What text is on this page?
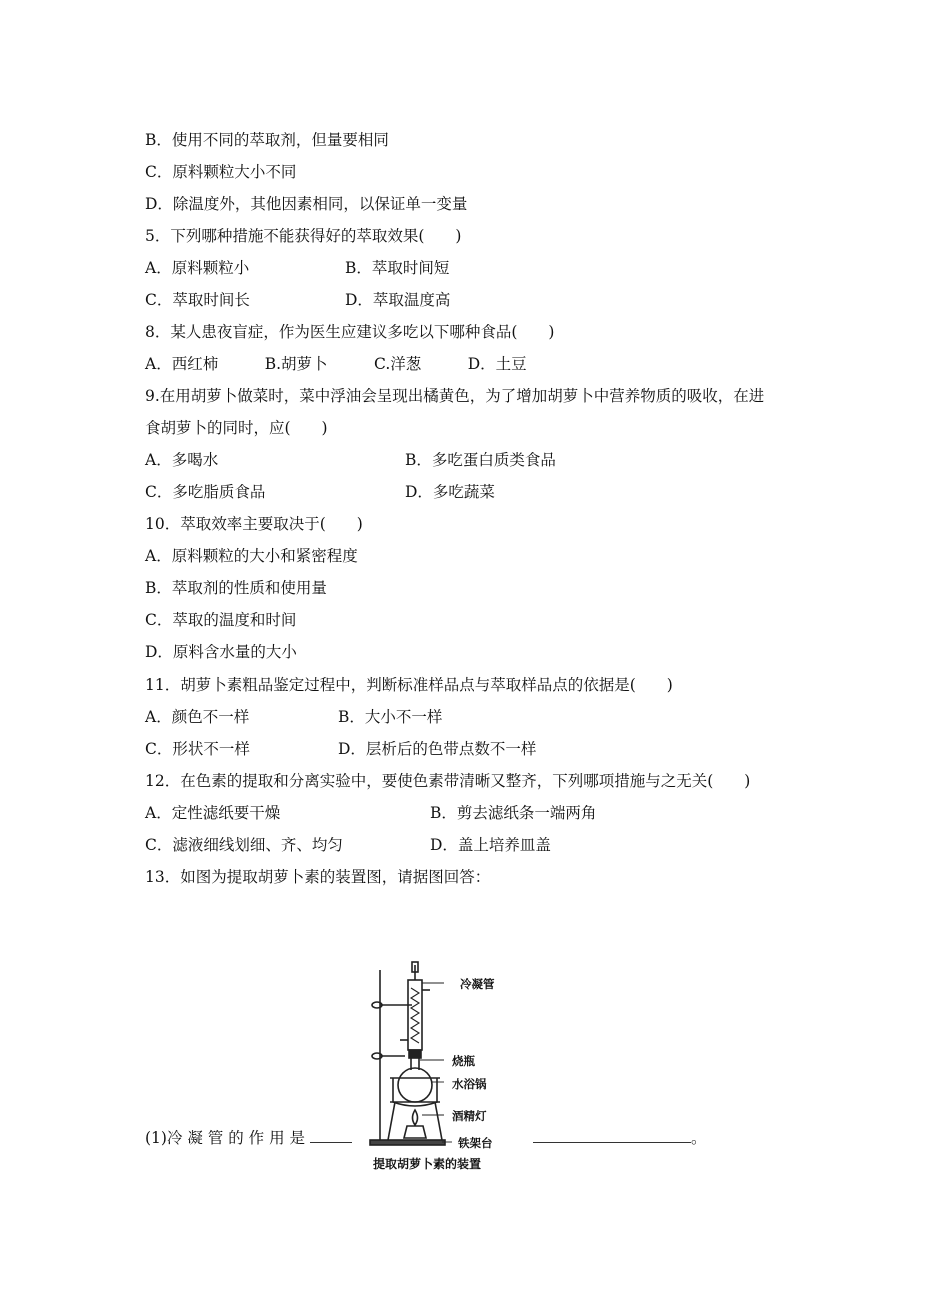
B．使用不同的萃取剂，但量要相同
C．原料颗粒大小不同
D．除温度外，其他因素相同，以保证单一变量
5．下列哪种措施不能获得好的萃取效果(　　)
A．原料颗粒小	B．萃取时间短
C．萃取时间长	D．萃取温度高
8．某人患夜盲症，作为医生应建议多吃以下哪种食品(　　)
A．西红柿　　　B.胡萝卜　　　C.洋葱　　　D．土豆
9.在用胡萝卜做菜时，菜中浮油会呈现出橘黄色，为了增加胡萝卜中营养物质的吸收，在进
食胡萝卜的同时，应(　　)
A．多喝水	B．多吃蛋白质类食品
C．多吃脂质食品	D．多吃蔬菜
10．萃取效率主要取决于(　　)
A．原料颗粒的大小和紧密程度
B．萃取剂的性质和使用量
C．萃取的温度和时间
D．原料含水量的大小
11．胡萝卜素粗品鉴定过程中，判断标准样品点与萃取样品点的依据是(　　)
A．颜色不一样	B．大小不一样
C．形状不一样	D．层析后的色带点数不一样
12．在色素的提取和分离实验中，要使色素带清晰又整齐，下列哪项措施与之无关(　　)
A．定性滤纸要干燥	B．剪去滤纸条一端两角
C．滤液细线划细、齐、均匀	D．盖上培养皿盖
13．如图为提取胡萝卜素的装置图，请据图回答：
冷凝管
烧瓶
水浴锅
酒精灯
铁架台
提取胡萝卜素的装置
(1)冷 凝 管 的 作 用 是	。
